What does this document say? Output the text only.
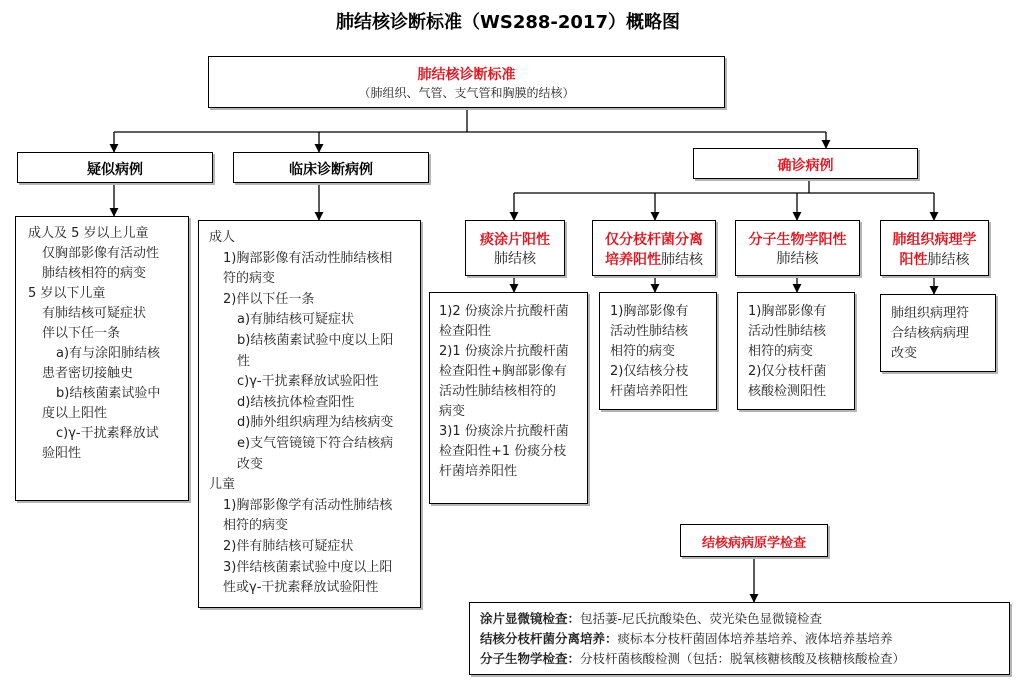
肺结核诊断标准（WS288-2017）概略图
肺结核诊断标准
（肺组织、气管、支气管和胸膜的结核）
疑似病例
成人及 5 岁以上儿童
仅胸部影像有活动性
肺结核相符的病变
5 岁以下儿童
有肺结核可疑症状
伴以下任一条
a)有与涂阳肺结核
患者密切接触史
b)结核菌素试验中
度以上阳性
c)γ-干扰素释放试
验阳性
临床诊断病例
成人
1)胸部影像有活动性肺结核相
符的病变
2)伴以下任一条
a)有肺结核可疑症状
b)结核菌素试验中度以上阳
性
c)γ-干扰素释放试验阳性
d)结核抗体检查阳性
d)肺外组织病理为结核病变
e)支气管镜镜下符合结核病
改变
儿童
1)胸部影像学有活动性肺结核
相符的病变
2)伴有肺结核可疑症状
3)伴结核菌素试验中度以上阳
性或γ-干扰素释放试验阳性
确诊病例
痰涂片阳性
肺结核
1)2 份痰涂片抗酸杆菌
检查阳性
2)1 份痰涂片抗酸杆菌
检查阳性+胸部影像有
活动性肺结核相符的
病变
3)1 份痰涂片抗酸杆菌
检查阳性+1 份痰分枝
杆菌培养阳性
仅分枝杆菌分离
培养阳性肺结核
1)胸部影像有
活动性肺结核
相符的病变
2)仅结核分枝
杆菌培养阳性
分子生物学阳性
肺结核
1)胸部影像有
活动性肺结核
相符的病变
2)仅分枝杆菌
核酸检测阳性
肺组织病理学
阳性肺结核
肺组织病理符
合结核病病理
改变
结核病病原学检查
涂片显微镜检查：包括萋-尼氏抗酸染色、荧光染色显微镜检查
结核分枝杆菌分离培养：痰标本分枝杆菌固体培养基培养、液体培养基培养
分子生物学检查：分枝杆菌核酸检测（包括：脱氧核糖核酸及核糖核酸检查）
